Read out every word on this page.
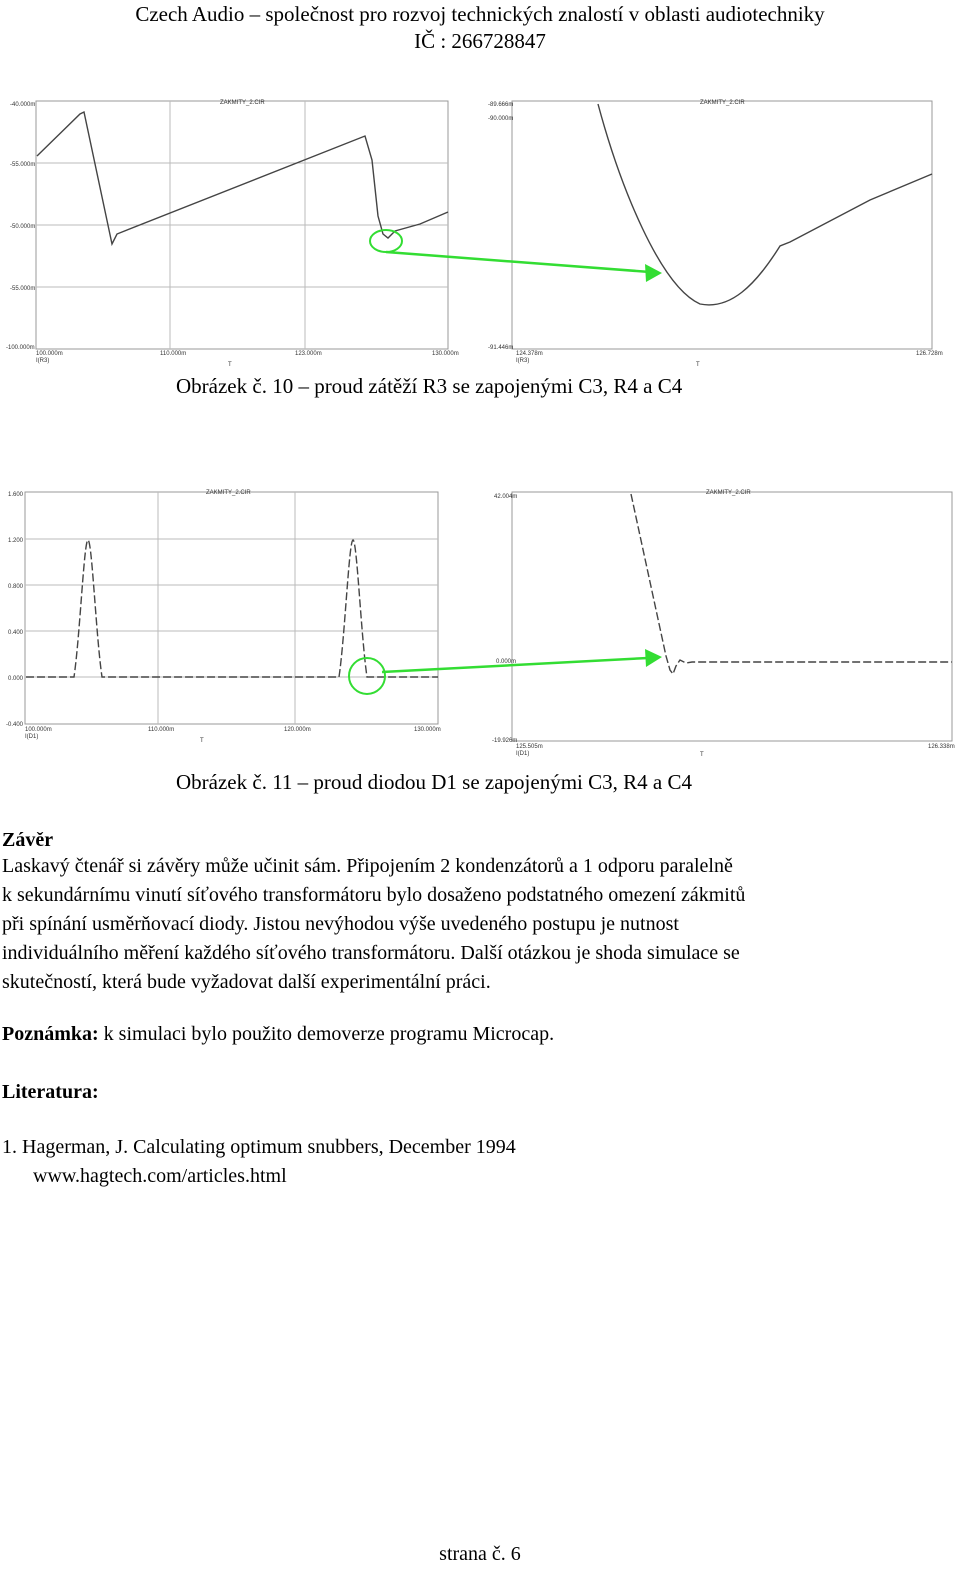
Czech Audio – společnost pro rozvoj technických znalostí v oblasti audiotechniky
IČ : 266728847
ZAKMITY_2.CIR
-40.000m
-55.000m
-50.000m
-55.000m
-100.000m
100.000m	110.000m	123.000m	130.000m
I(R3)
T
ZAKMITY_2.CIR
-89.666m
-90.000m
-91.446m
124.378m	126.728m
I(R3)
T
Obrázek č. 10 – proud zátěží R3 se zapojenými C3, R4 a C4
ZAKMITY_2.CIR
1.600
1.200
0.800
0.400
0.000
-0.400
100.000m	110.000m	120.000m	130.000m
I(D1)
T
ZAKMITY_2.CIR
42.004m
0.000m
-19.926m
125.505m	126.338m
I(D1)	T
Obrázek č. 11 – proud diodou D1 se zapojenými C3, R4 a C4
Závěr
Laskavý čtenář si závěry může učinit sám. Připojením 2 kondenzátorů a 1 odporu paralelně
k sekundárnímu vinutí síťového transformátoru bylo dosaženo podstatného omezení zákmitů
při spínání usměrňovací diody. Jistou nevýhodou výše uvedeného postupu je nutnost
individuálního měření každého síťového transformátoru. Další otázkou je shoda simulace se
skutečností, která bude vyžadovat další experimentální práci.
Poznámka: k simulaci bylo použito demoverze programu Microcap.
Literatura:
1. Hagerman, J. Calculating optimum snubbers, December 1994
www.hagtech.com/articles.html
strana č. 6
